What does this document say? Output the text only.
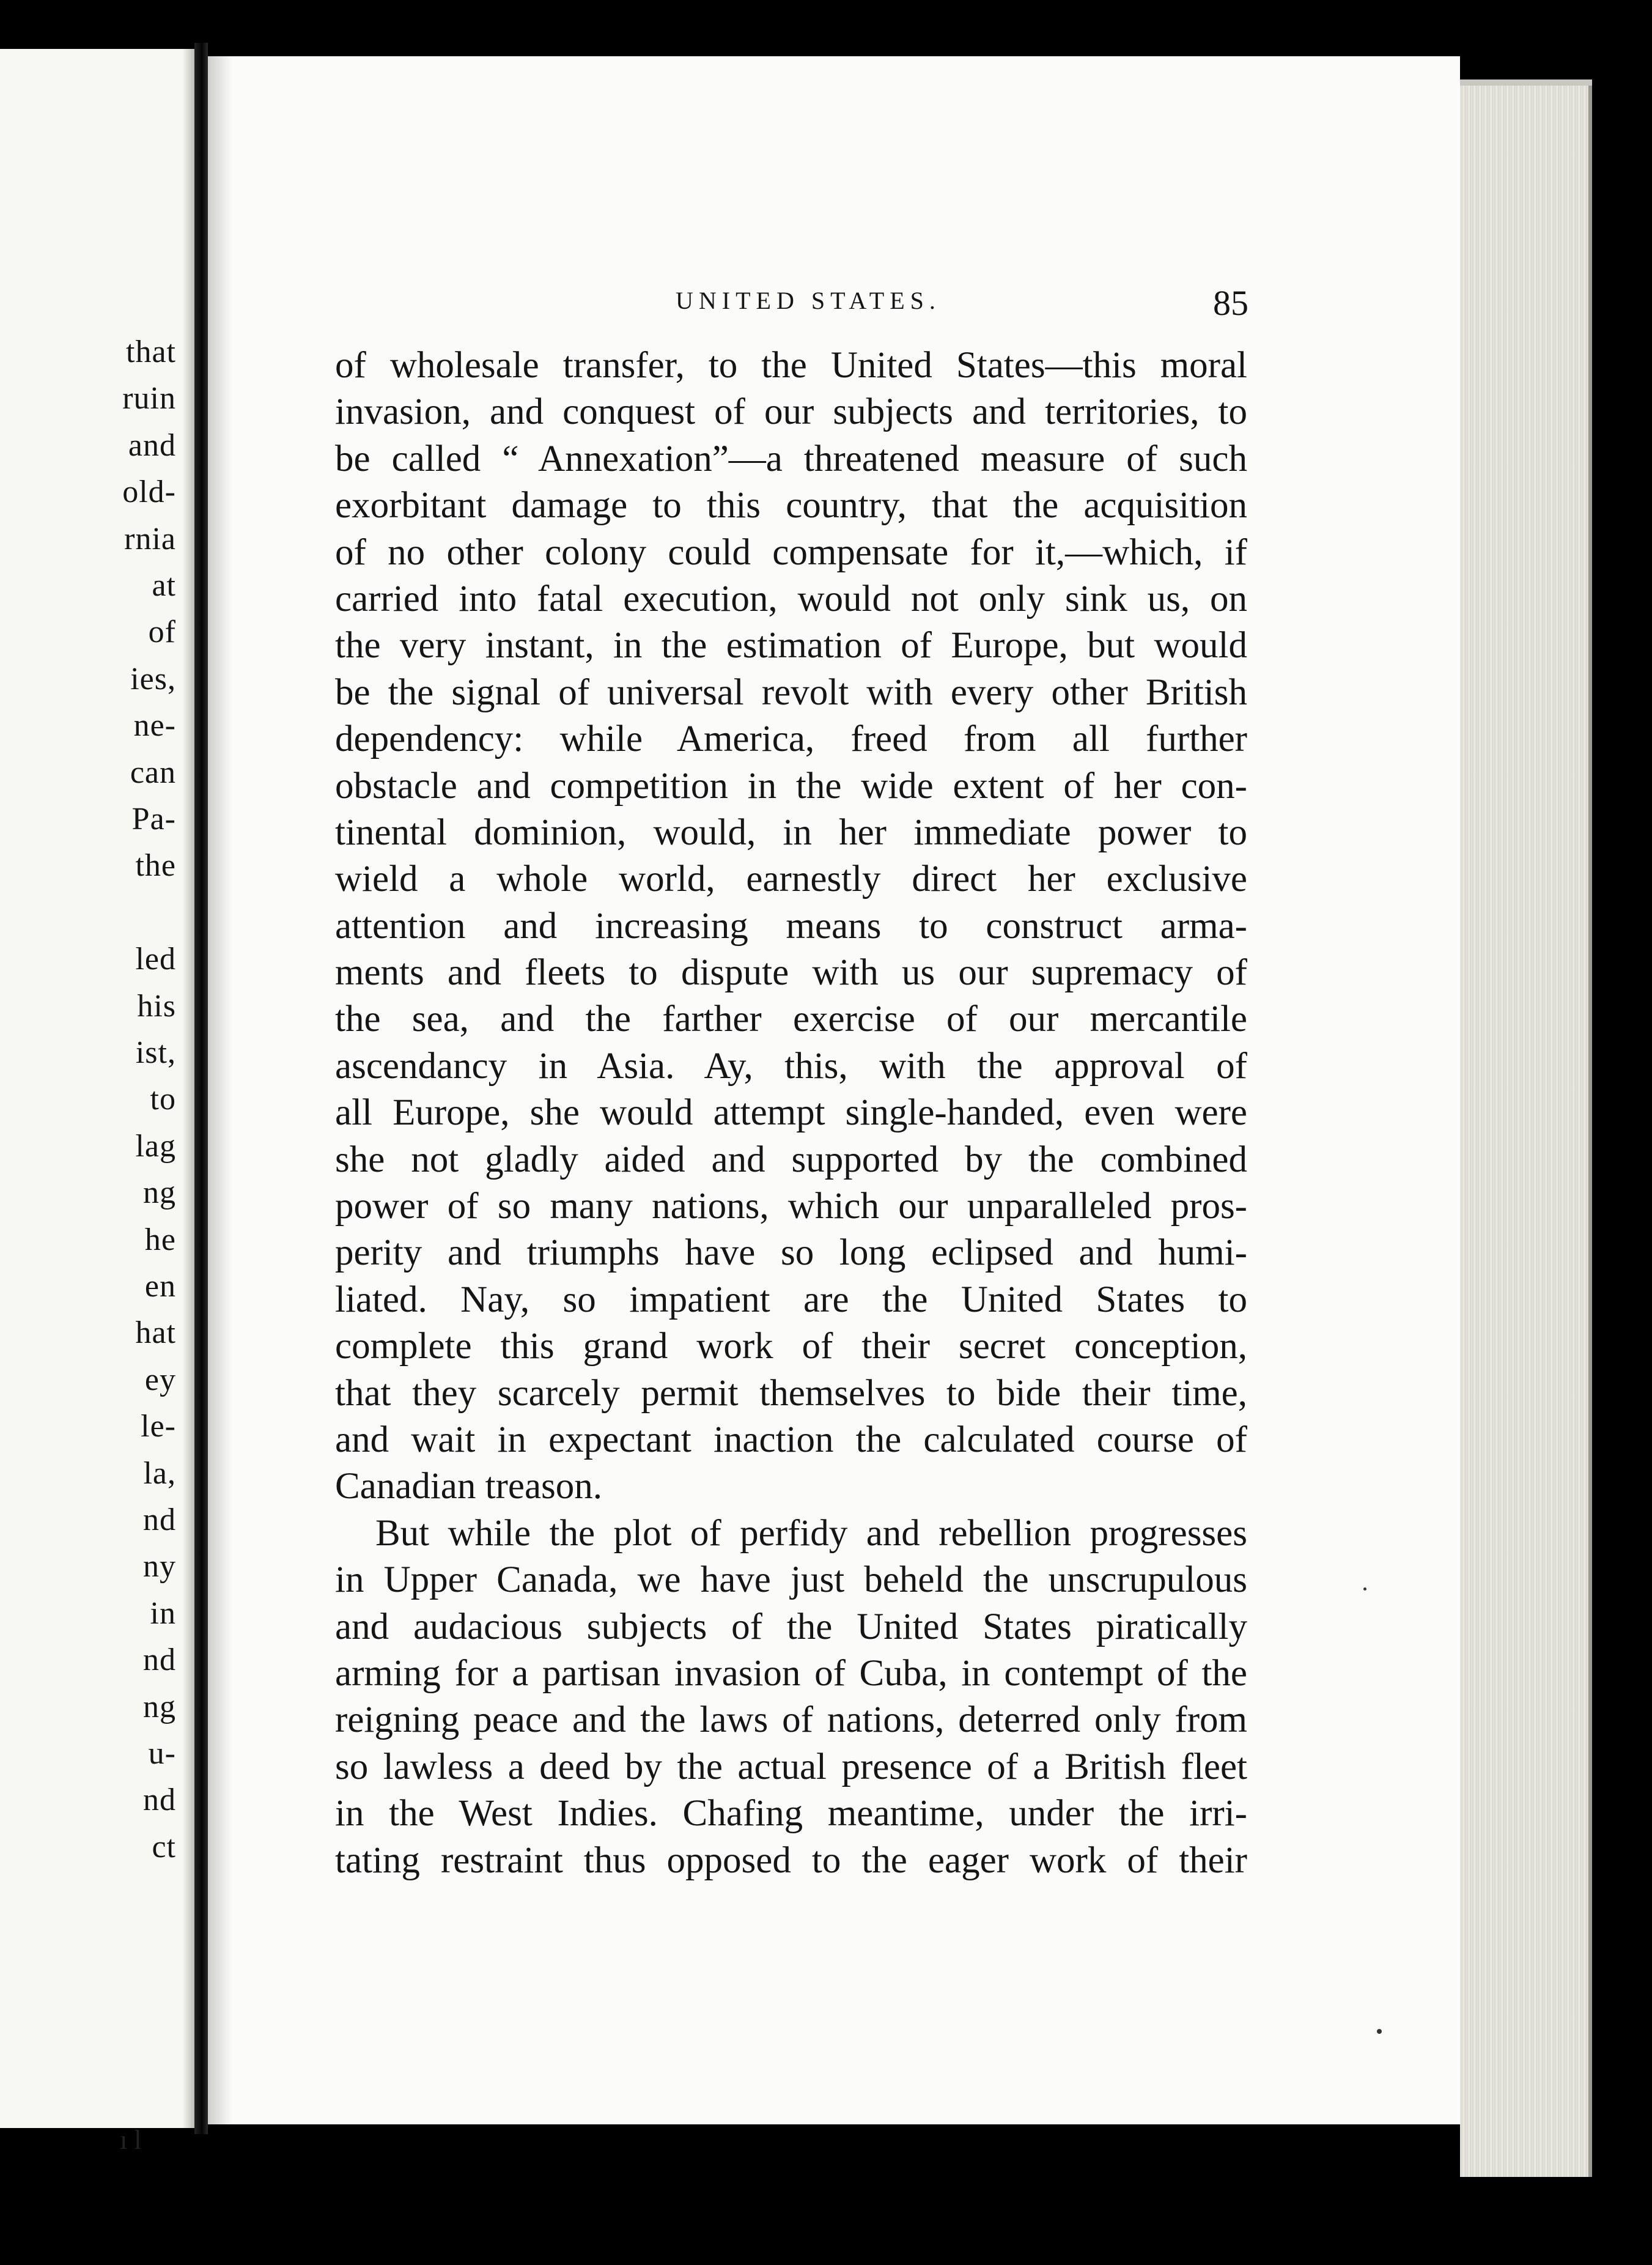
that
ruin
and
old-
rnia
at
of
ies,
ne-
can
Pa-
the
led
his
ist,
to
lag
ng
he
en
hat
ey
le-
la,
nd
ny
in
nd
ng
u-
nd
ct
UNITED STATES.	85
of wholesale transfer, to the United States—this moral
invasion, and conquest of our subjects and territories, to
be called “ Annexation”—a threatened measure of such
exorbitant damage to this country, that the acquisition
of no other colony could compensate for it,—which, if
carried into fatal execution, would not only sink us, on
the very instant, in the estimation of Europe, but would
be the signal of universal revolt with every other British
dependency: while America, freed from all further
obstacle and competition in the wide extent of her con-
tinental dominion, would, in her immediate power to
wield a whole world, earnestly direct her exclusive
attention and increasing means to construct arma-
ments and fleets to dispute with us our supremacy of
the sea, and the farther exercise of our mercantile
ascendancy in Asia. Ay, this, with the approval of
all Europe, she would attempt single-handed, even were
she not gladly aided and supported by the combined
power of so many nations, which our unparalleled pros-
perity and triumphs have so long eclipsed and humi-
liated. Nay, so impatient are the United States to
complete this grand work of their secret conception,
that they scarcely permit themselves to bide their time,
and wait in expectant inaction the calculated course of
Canadian treason.
But while the plot of perfidy and rebellion progresses
in Upper Canada, we have just beheld the unscrupulous
and audacious subjects of the United States piratically
arming for a partisan invasion of Cuba, in contempt of the
reigning peace and the laws of nations, deterred only from
so lawless a deed by the actual presence of a British fleet
in the West Indies. Chafing meantime, under the irri-
tating restraint thus opposed to the eager work of their
ı l
